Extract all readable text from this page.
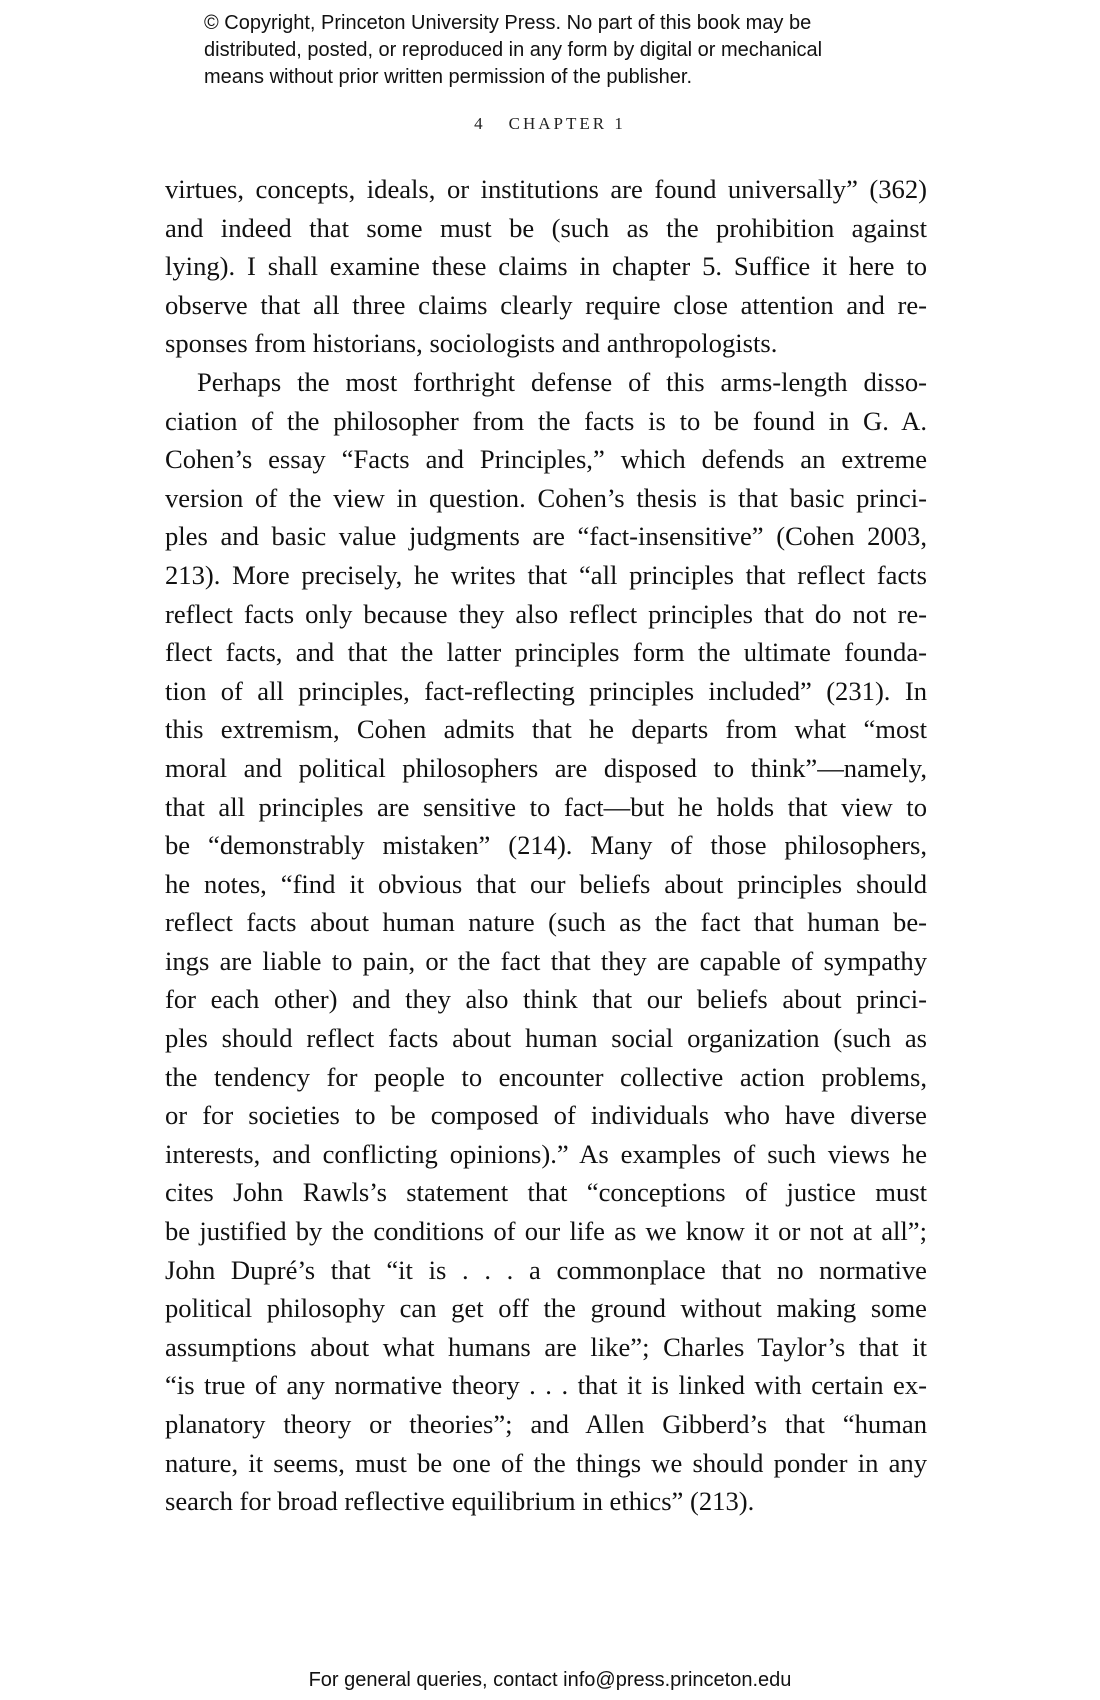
© Copyright, Princeton University Press. No part of this book may be
distributed, posted, or reproduced in any form by digital or mechanical
means without prior written permission of the publisher.
4 CHAPTER 1
virtues, concepts, ideals, or institutions are found universally” (362)
and indeed that some must be (such as the prohibition against
lying). I shall examine these claims in chapter 5. Suffice it here to
observe that all three claims clearly require close attention and re-
sponses from historians, sociologists and anthropologists.
Perhaps the most forthright defense of this arms-length disso-
ciation of the philosopher from the facts is to be found in G. A.
Cohen’s essay “Facts and Principles,” which defends an extreme
version of the view in question. Cohen’s thesis is that basic princi-
ples and basic value judgments are “fact-insensitive” (Cohen 2003,
213). More precisely, he writes that “all principles that reflect facts
reflect facts only because they also reflect principles that do not re-
flect facts, and that the latter principles form the ultimate founda-
tion of all principles, fact-reflecting principles included” (231). In
this extremism, Cohen admits that he departs from what “most
moral and political philosophers are disposed to think”—namely,
that all principles are sensitive to fact—but he holds that view to
be “demonstrably mistaken” (214). Many of those philosophers,
he notes, “find it obvious that our beliefs about principles should
reflect facts about human nature (such as the fact that human be-
ings are liable to pain, or the fact that they are capable of sympathy
for each other) and they also think that our beliefs about princi-
ples should reflect facts about human social organization (such as
the tendency for people to encounter collective action problems,
or for societies to be composed of individuals who have diverse
interests, and conflicting opinions).” As examples of such views he
cites John Rawls’s statement that “conceptions of justice must
be justified by the conditions of our life as we know it or not at all”;
John Dupré’s that “it is . . . a commonplace that no normative
political philosophy can get off the ground without making some
assumptions about what humans are like”; Charles Taylor’s that it
“is true of any normative theory . . . that it is linked with certain ex-
planatory theory or theories”; and Allen Gibberd’s that “human
nature, it seems, must be one of the things we should ponder in any
search for broad reflective equilibrium in ethics” (213).
For general queries, contact info@press.princeton.edu
